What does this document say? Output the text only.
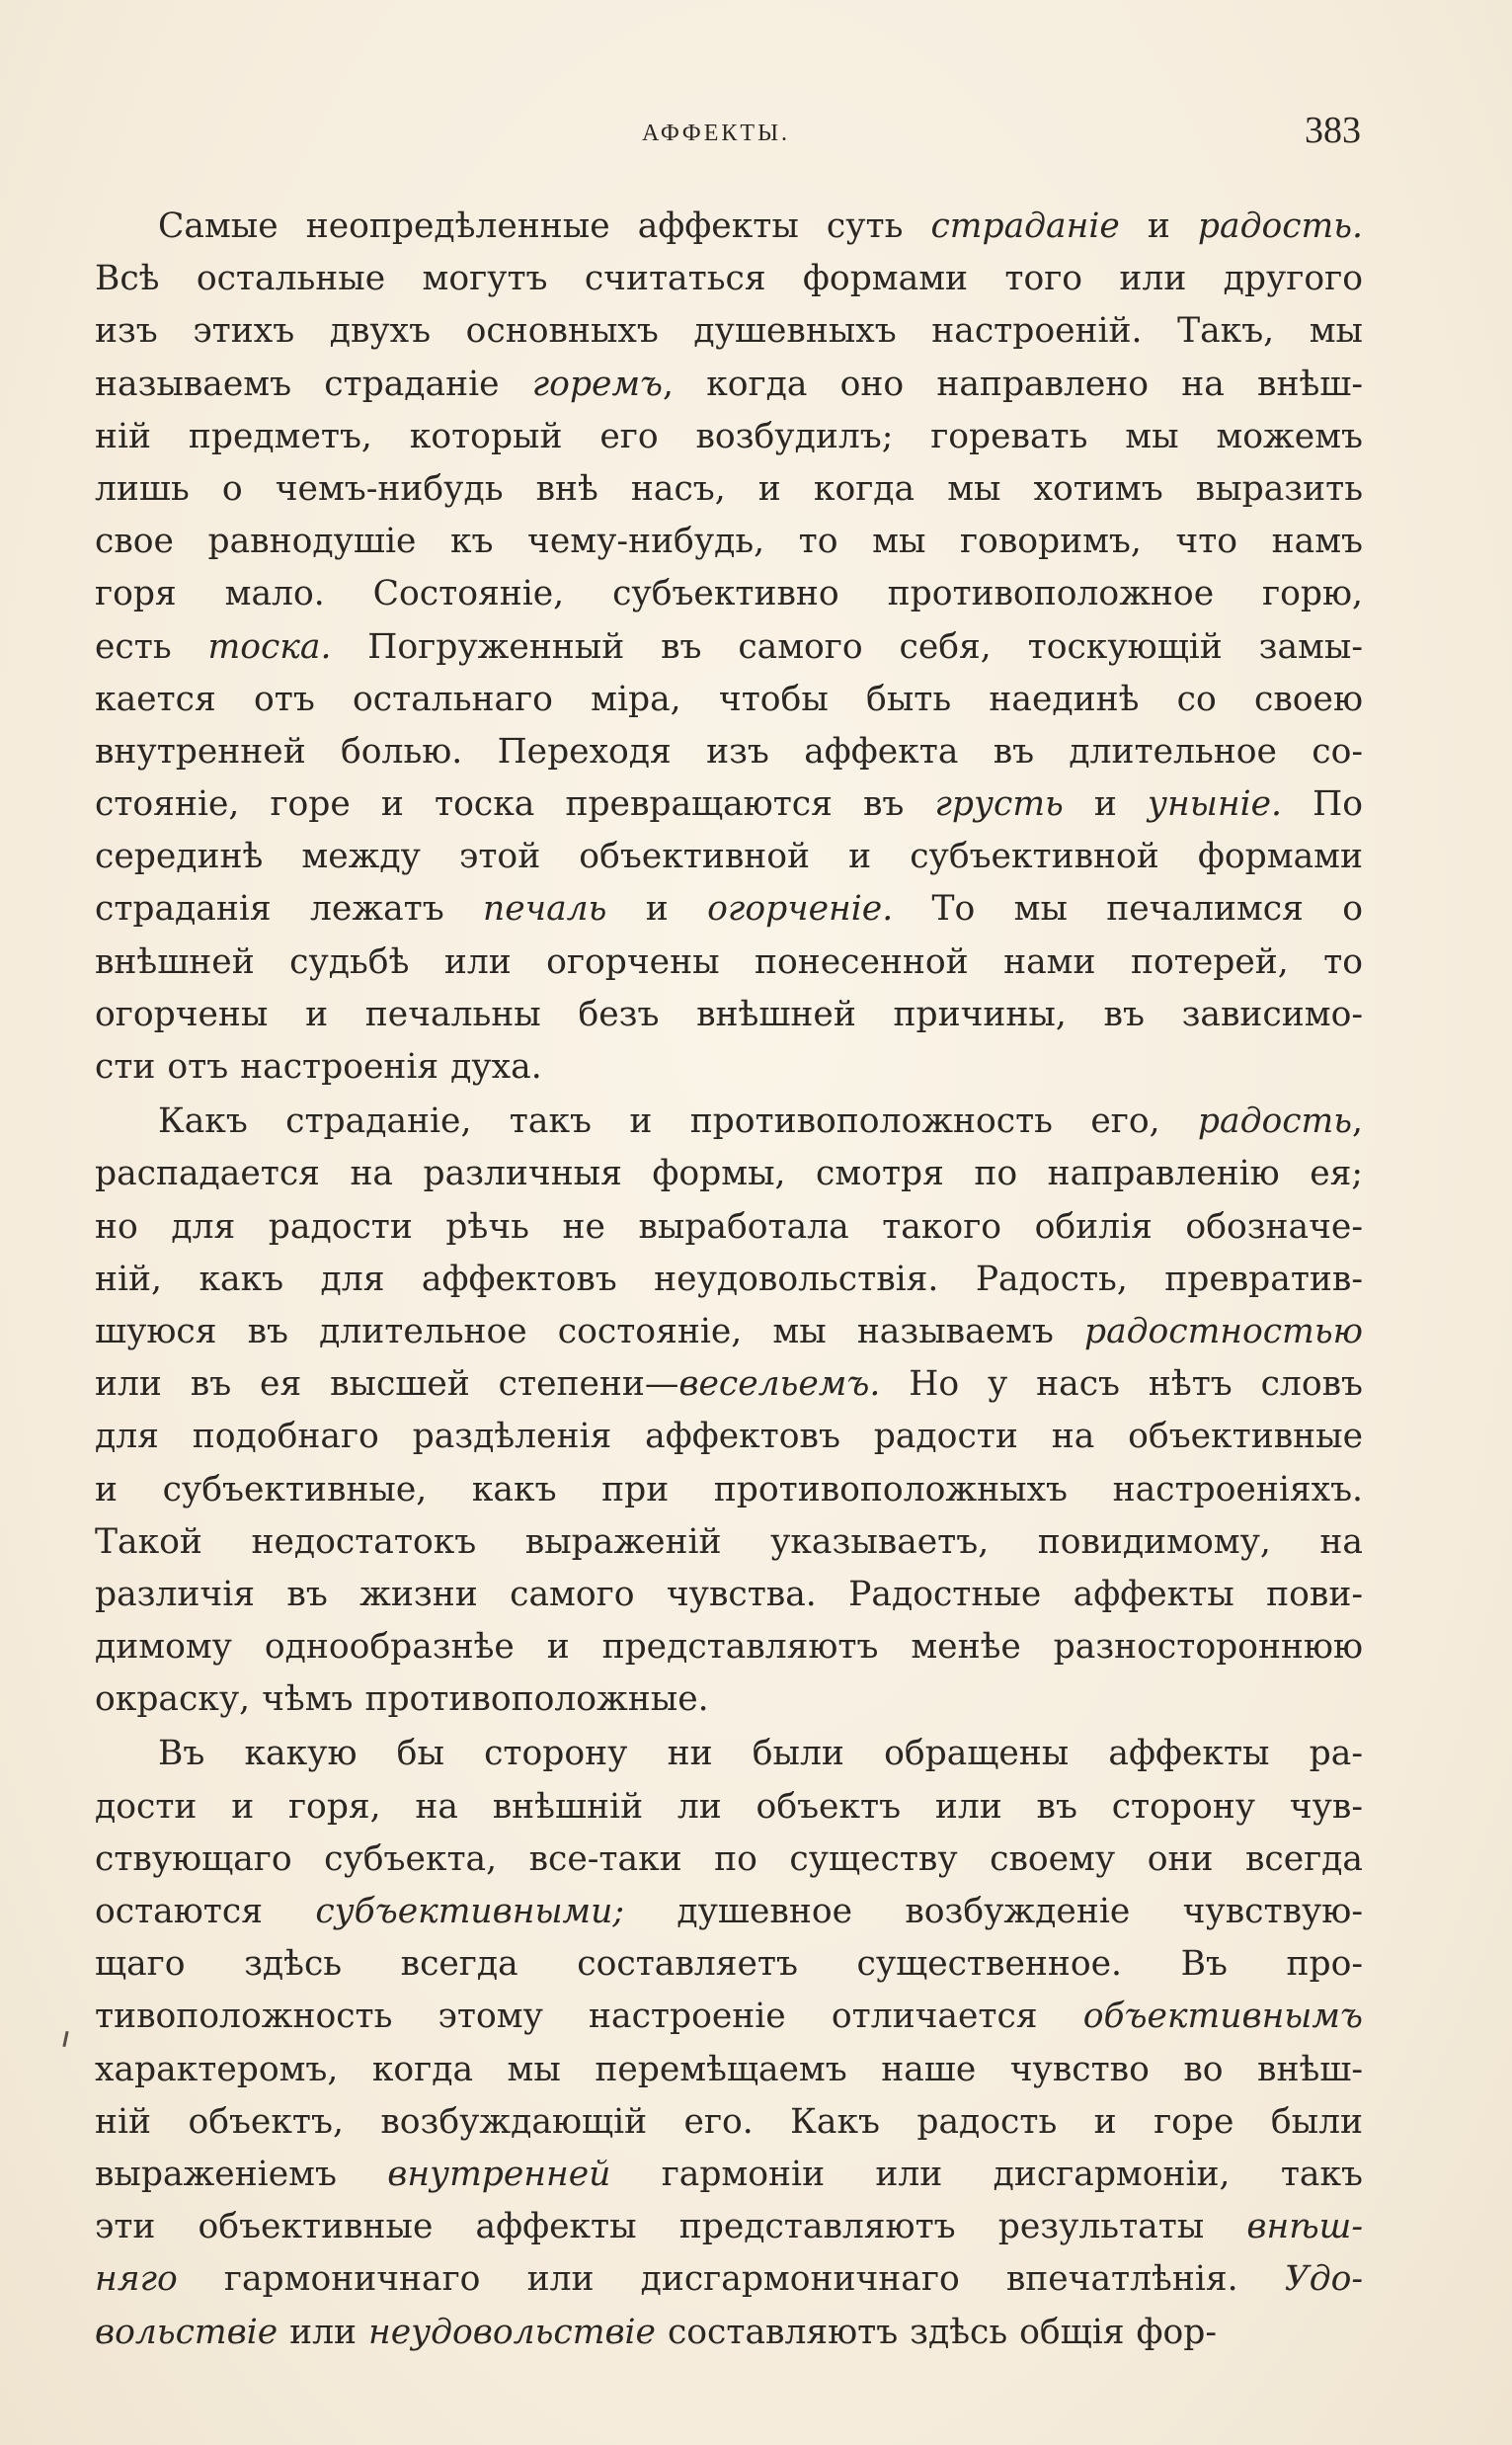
АФФЕКТЫ.	383
Самые неопредѣленные аффекты суть страданіе и радость.
Всѣ остальные могутъ считаться формами того или другого
изъ этихъ двухъ основныхъ душевныхъ настроеній. Такъ, мы
называемъ страданіе горемъ, когда оно направлено на внѣш-
ній предметъ, который его возбудилъ; горевать мы можемъ
лишь о чемъ-нибудь внѣ насъ, и когда мы хотимъ выразить
свое равнодушіе къ чему-нибудь, то мы говоримъ, что намъ
горя мало. Состояніе, субъективно противоположное горю,
есть тоска. Погруженный въ самого себя, тоскующій замы-
кается отъ остальнаго міра, чтобы быть наединѣ со своею
внутренней болью. Переходя изъ аффекта въ длительное со-
стояніе, горе и тоска превращаются въ грусть и уныніе. По
серединѣ между этой объективной и субъективной формами
страданія лежатъ печаль и огорченіе. То мы печалимся о
внѣшней судьбѣ или огорчены понесенной нами потерей, то
огорчены и печальны безъ внѣшней причины, въ зависимо-
сти отъ настроенія духа.
Какъ страданіе, такъ и противоположность его, радость,
распадается на различныя формы, смотря по направленію ея;
но для радости рѣчь не выработала такого обилія обозначе-
ній, какъ для аффектовъ неудовольствія. Радость, превратив-
шуюся въ длительное состояніе, мы называемъ радостностью
или въ ея высшей степени—весельемъ. Но у насъ нѣтъ словъ
для подобнаго раздѣленія аффектовъ радости на объективные
и субъективные, какъ при противоположныхъ настроеніяхъ.
Такой недостатокъ выраженій указываетъ, повидимому, на
различія въ жизни самого чувства. Радостные аффекты пови-
димому однообразнѣе и представляютъ менѣе разностороннюю
окраску, чѣмъ противоположные.
Въ какую бы сторону ни были обращены аффекты ра-
дости и горя, на внѣшній ли объектъ или въ сторону чув-
ствующаго субъекта, все-таки по существу своему они всегда
остаются субъективными; душевное возбужденіе чувствую-
щаго здѣсь всегда составляетъ существенное. Въ про-
тивоположность этому настроеніе отличается объективнымъ
характеромъ, когда мы перемѣщаемъ наше чувство во внѣш-
ній объектъ, возбуждающій его. Какъ радость и горе были
выраженіемъ внутренней гармоніи или дисгармоніи, такъ
эти объективные аффекты представляютъ результаты внѣш-
няго гармоничнаго или дисгармоничнаго впечатлѣнія. Удо-
вольствіе или неудовольствіе составляютъ здѣсь общія фор-
